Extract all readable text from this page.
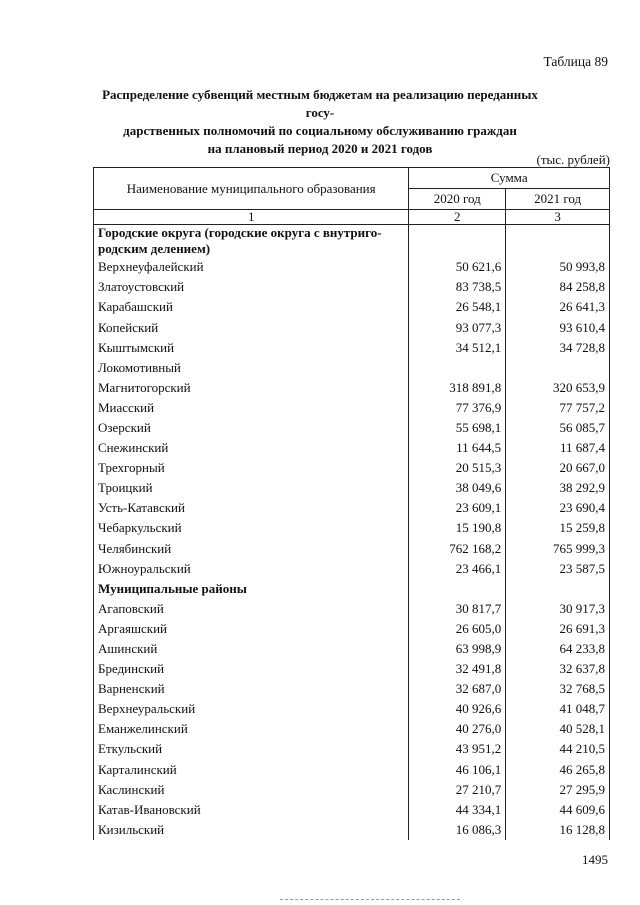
Таблица 89
Распределение субвенций местным бюджетам на реализацию переданных госу-
дарственных полномочий по социальному обслуживанию граждан
на плановый период 2020 и 2021 годов
(тыс. рублей)
Наименование муниципального образования	Сумма	
	2020 год	2021 год
1	2	3
Городские округа (городские округа с внутриго-родским делением)		
Верхнеуфалейский	50 621,6	50 993,8
Златоустовский	83 738,5	84 258,8
Карабашский	26 548,1	26 641,3
Копейский	93 077,3	93 610,4
Кыштымский	34 512,1	34 728,8
Локомотивный		
Магнитогорский	318 891,8	320 653,9
Миасский	77 376,9	77 757,2
Озерский	55 698,1	56 085,7
Снежинский	11 644,5	11 687,4
Трехгорный	20 515,3	20 667,0
Троицкий	38 049,6	38 292,9
Усть-Катавский	23 609,1	23 690,4
Чебаркульский	15 190,8	15 259,8
Челябинский	762 168,2	765 999,3
Южноуральский	23 466,1	23 587,5
Муниципальные районы		
Агаповский	30 817,7	30 917,3
Аргаяшский	26 605,0	26 691,3
Ашинский	63 998,9	64 233,8
Брединский	32 491,8	32 637,8
Варненский	32 687,0	32 768,5
Верхнеуральский	40 926,6	41 048,7
Еманжелинский	40 276,0	40 528,1
Еткульский	43 951,2	44 210,5
Карталинский	46 106,1	46 265,8
Каслинский	27 210,7	27 295,9
Катав-Ивановский	44 334,1	44 609,6
Кизильский	16 086,3	16 128,8
1495
